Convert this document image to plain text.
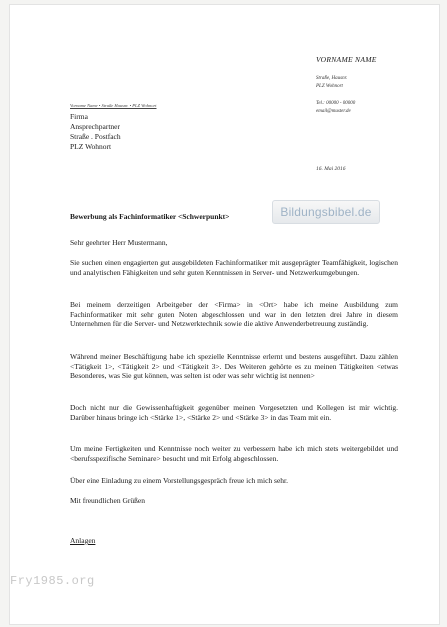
VORNAME NAME
Straße, Hausnr.
PLZ Wohnort
Tel.: 00000 - 00000
email@muster.de
Vorname Name • Straße Hausnr. • PLZ Wohnort
Firma
Ansprechpartner
Straße . Postfach
PLZ Wohnort
16. Mai 2016
Bildungsbibel.de
Bewerbung als Fachinformatiker <Schwerpunkt>

Sehr geehrter Herr Mustermann,

Sie suchen einen engagierten gut ausgebildeten Fachinformatiker mit ausgeprägter Teamfähigkeit, logischen und analytischen Fähigkeiten und sehr guten Kenntnissen in Server- und Netzwerkumgebungen.

Bei meinem derzeitigen Arbeitgeber der <Firma> in <Ort> habe ich meine Ausbildung zum Fachinformatiker mit sehr guten Noten abgeschlossen und war in den letzten drei Jahre in diesem Unternehmen für die Server- und Netzwerktechnik sowie die aktive Anwenderbetreuung zuständig.

Während meiner Beschäftigung habe ich spezielle Kenntnisse erlernt und bestens ausgeführt. Dazu zählen <Tätigkeit 1>, <Tätigkeit 2> und <Tätigkeit 3>. Des Weiteren gehörte es zu meinen Tätigkeiten <etwas Besonderes, was Sie gut können, was selten ist oder was sehr wichtig ist nennen>

Doch nicht nur die Gewissenhaftigkeit gegenüber meinen Vorgesetzten und Kollegen ist mir wichtig. Darüber hinaus bringe ich <Stärke 1>, <Stärke 2> und <Stärke 3> in das Team mit ein.

Um meine Fertigkeiten und Kenntnisse noch weiter zu verbessern habe ich mich stets weitergebildet und <berufsspezifische Seminare> besucht und mit Erfolg abgeschlossen.

Über eine Einladung zu einem Vorstellungsgespräch freue ich mich sehr.

Mit freundlichen Grüßen

Anlagen
Fry1985.org
